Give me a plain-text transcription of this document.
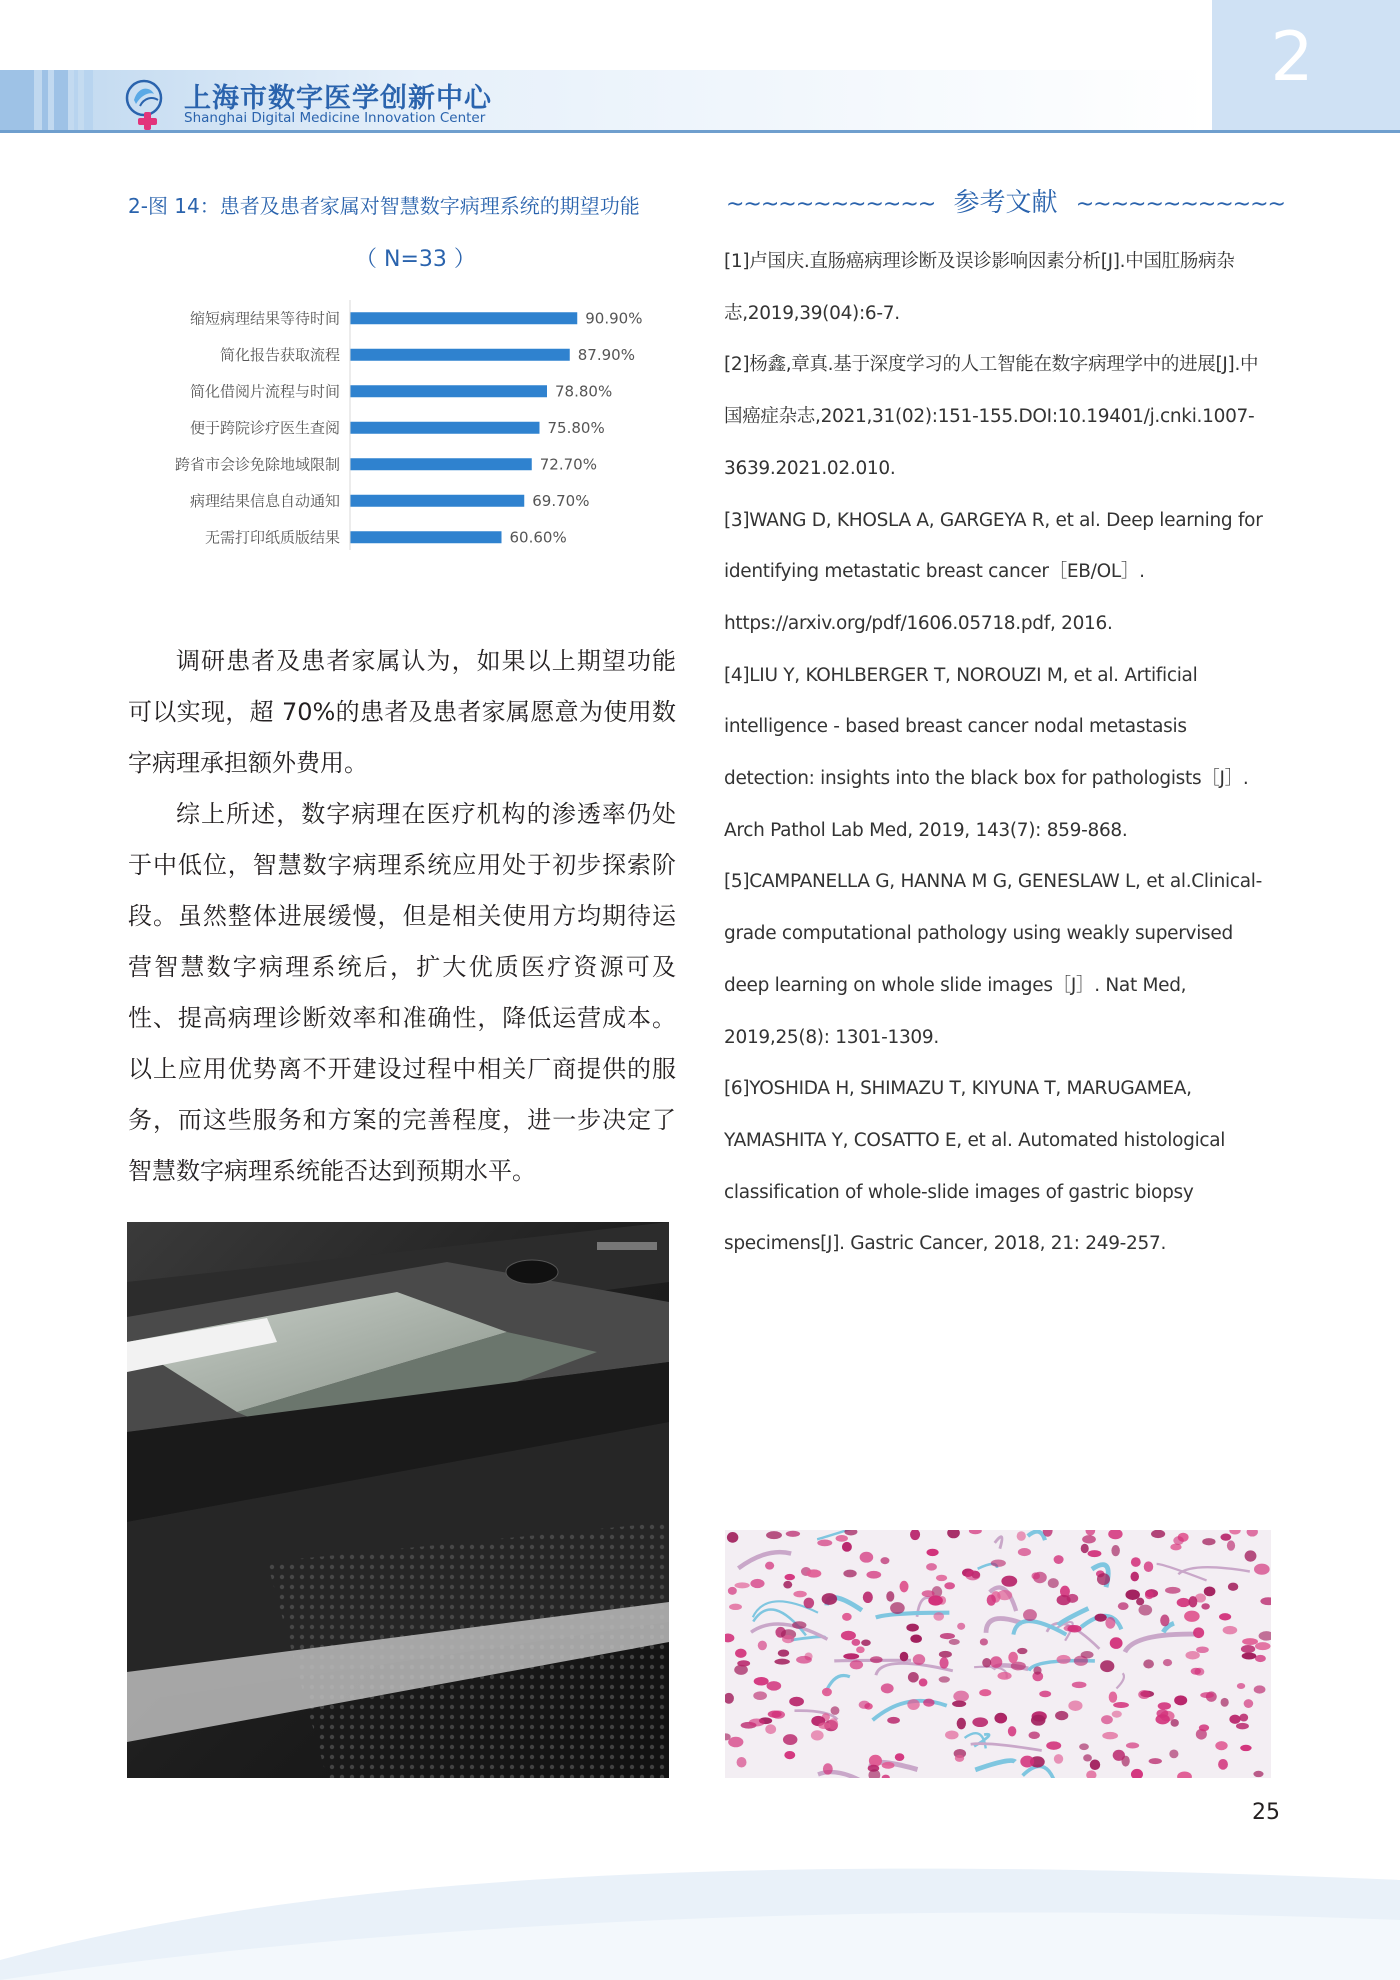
上海市数字医学创新中心
Shanghai Digital Medicine Innovation Center
2
2-图 14：患者及患者家属对智慧数字病理系统的期望功能
（ N=33 ）
缩短病理结果等待时间	90.90%
简化报告获取流程	87.90%
简化借阅片流程与时间	78.80%
便于跨院诊疗医生查阅	75.80%
跨省市会诊免除地域限制	72.70%
病理结果信息自动通知	69.70%
无需打印纸质版结果	60.60%

调研患者及患者家属认为，如果以上期望功能可以实现，超 70%的患者及患者家属愿意为使用数字病理承担额外费用。

综上所述，数字病理在医疗机构的渗透率仍处于中低位，智慧数字病理系统应用处于初步探索阶段。虽然整体进展缓慢，但是相关使用方均期待运营智慧数字病理系统后，扩大优质医疗资源可及性、提高病理诊断效率和准确性，降低运营成本。以上应用优势离不开建设过程中相关厂商提供的服务，而这些服务和方案的完善程度，进一步决定了智慧数字病理系统能否达到预期水平。

~~~~~~~~~~~~ 参考文献 ~~~~~~~~~~~~
[1]卢国庆.直肠癌病理诊断及误诊影响因素分析[J].中国肛肠病杂志,2019,39(04):6-7.
[2]杨鑫,章真.基于深度学习的人工智能在数字病理学中的进展[J].中国癌症杂志,2021,31(02):151-155.DOI:10.19401/j.cnki.1007-3639.2021.02.010.
[3]WANG D, KHOSLA A, GARGEYA R, et al. Deep learning for identifying metastatic breast cancer［EB/OL］. https://arxiv.org/pdf/1606.05718.pdf, 2016.
[4]LIU Y, KOHLBERGER T, NOROUZI M, et al. Artificial intelligence - based breast cancer nodal metastasis detection: insights into the black box for pathologists［J］. Arch Pathol Lab Med, 2019, 143(7): 859-868.
[5]CAMPANELLA G, HANNA M G, GENESLAW L, et al.Clinical-grade computational pathology using weakly supervised deep learning on whole slide images［J］. Nat Med, 2019,25(8): 1301-1309.
[6]YOSHIDA H, SHIMAZU T, KIYUNA T, MARUGAMEA, YAMASHITA Y, COSATTO E, et al. Automated histological classification of whole-slide images of gastric biopsy specimens[J]. Gastric Cancer, 2018, 21: 249-257.
25
